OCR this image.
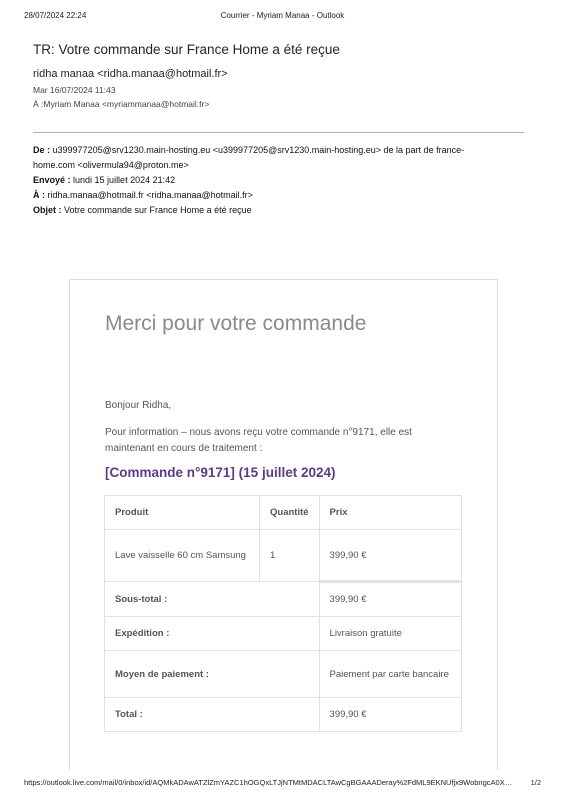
28/07/2024 22:24	Courrier - Myriam Manaa - Outlook
TR: Votre commande sur France Home a été reçue
ridha manaa <ridha.manaa@hotmail.fr>
Mar 16/07/2024 11:43
À :Myriam Manaa <myriammanaa@hotmail.fr>
De : u399977205@srv1230.main-hosting.eu <u399977205@srv1230.main-hosting.eu> de la part de france-home.com <olivermula94@proton.me>
Envoyé : lundi 15 juillet 2024 21:42
À : ridha.manaa@hotmail.fr <ridha.manaa@hotmail.fr>
Objet : Votre commande sur France Home a été reçue
Merci pour votre commande
Bonjour Ridha,
Pour information – nous avons reçu votre commande n°9171, elle est maintenant en cours de traitement :
[Commande n°9171] (15 juillet 2024)
Produit	Quantité	Prix
Lave vaisselle 60 cm Samsung	1	399,90 €
Sous-total :		399,90 €
Expédition :		Livraison gratuite
Moyen de paiement :		Paiement par carte bancaire
Total :		399,90 €
https://outlook.live.com/mail/0/inbox/id/AQMkADAwATZlZmYAZC1hOGQxLTJjNTMtMDACLTAwCgBGAAADeray%2FdML9EKNUfjx9WobngcA0X…	1/2
